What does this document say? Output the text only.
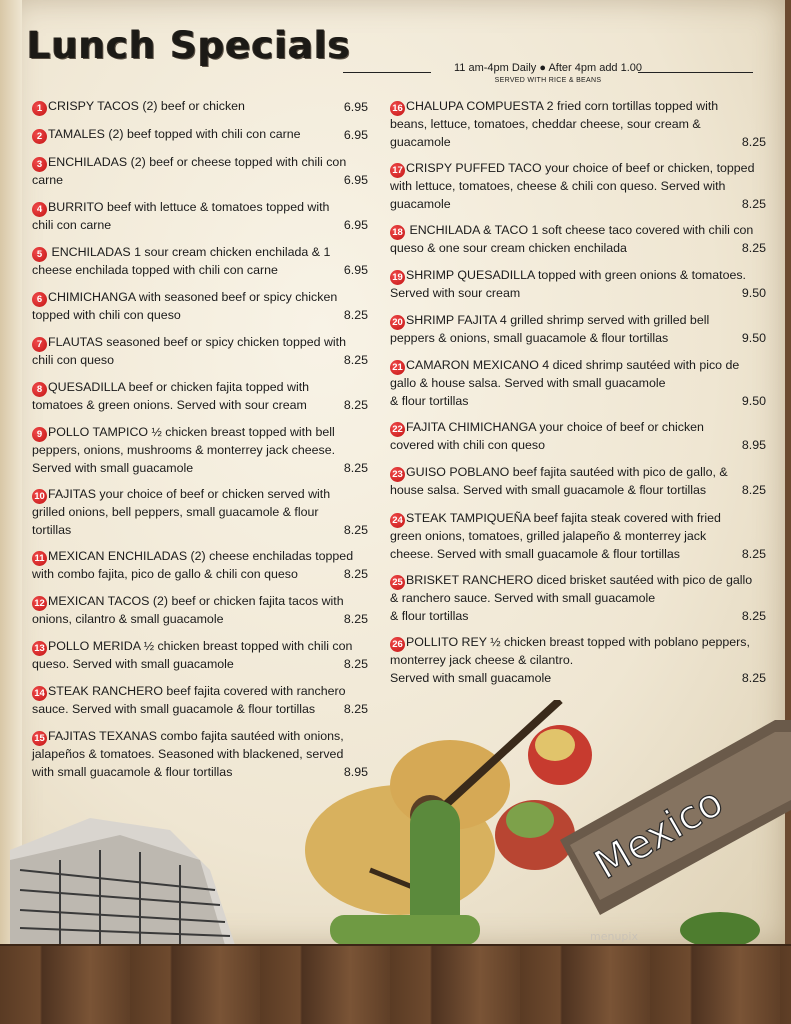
Lunch Specials
11 am-4pm Daily ● After 4pm add 1.00
SERVED WITH RICE & BEANS
Mexico
menupix
1 CRISPY TACOS (2) beef or chicken	6.95
2 TAMALES (2) beef topped with chili con carne	6.95
3 ENCHILADAS (2) beef or cheese topped with chili con
carne	6.95
4 BURRITO beef with lettuce & tomatoes topped with
chili con carne	6.95
5 ENCHILADAS 1 sour cream chicken enchilada & 1
cheese enchilada topped with chili con carne	6.95
6 CHIMICHANGA with seasoned beef or spicy chicken
topped with chili con queso	8.25
7 FLAUTAS seasoned beef or spicy chicken topped with
chili con queso	8.25
8 QUESADILLA beef or chicken fajita topped with
tomatoes & green onions. Served with sour cream	8.25
9 POLLO TAMPICO ½ chicken breast topped with bell
peppers, onions, mushrooms & monterrey jack cheese.
Served with small guacamole	8.25
10 FAJITAS your choice of beef or chicken served with
grilled onions, bell peppers, small guacamole & flour
tortillas	8.25
11 MEXICAN ENCHILADAS (2) cheese enchiladas topped
with combo fajita, pico de gallo & chili con queso	8.25
12 MEXICAN TACOS (2) beef or chicken fajita tacos with
onions, cilantro & small guacamole	8.25
13 POLLO MERIDA ½ chicken breast topped with chili con
queso. Served with small guacamole	8.25
14 STEAK RANCHERO beef fajita covered with ranchero
sauce. Served with small guacamole & flour tortillas	8.25
15 FAJITAS TEXANAS combo fajita sautéed with onions,
jalapeños & tomatoes. Seasoned with blackened, served
with small guacamole & flour tortillas	8.95
16 CHALUPA COMPUESTA 2 fried corn tortillas topped with
beans, lettuce, tomatoes, cheddar cheese, sour cream &
guacamole	8.25
17 CRISPY PUFFED TACO your choice of beef or chicken, topped
with lettuce, tomatoes, cheese & chili con queso. Served with
guacamole	8.25
18 ENCHILADA & TACO 1 soft cheese taco covered with chili con
queso & one sour cream chicken enchilada	8.25
19 SHRIMP QUESADILLA topped with green onions & tomatoes.
Served with sour cream	9.50
20 SHRIMP FAJITA 4 grilled shrimp served with grilled bell
peppers & onions, small guacamole & flour tortillas	9.50
21 CAMARON MEXICANO 4 diced shrimp sautéed with pico de
gallo & house salsa. Served with small guacamole
& flour tortillas	9.50
22 FAJITA CHIMICHANGA your choice of beef or chicken
covered with chili con queso	8.95
23 GUISO POBLANO beef fajita sautéed with pico de gallo, &
house salsa. Served with small guacamole & flour tortillas	8.25
24 STEAK TAMPIQUEÑA beef fajita steak covered with fried
green onions, tomatoes, grilled jalapeño & monterrey jack
cheese. Served with small guacamole & flour tortillas	8.25
25 BRISKET RANCHERO diced brisket sautéed with pico de gallo
& ranchero sauce. Served with small guacamole
& flour tortillas	8.25
26 POLLITO REY ½ chicken breast topped with poblano peppers,
monterrey jack cheese & cilantro.
Served with small guacamole	8.25
